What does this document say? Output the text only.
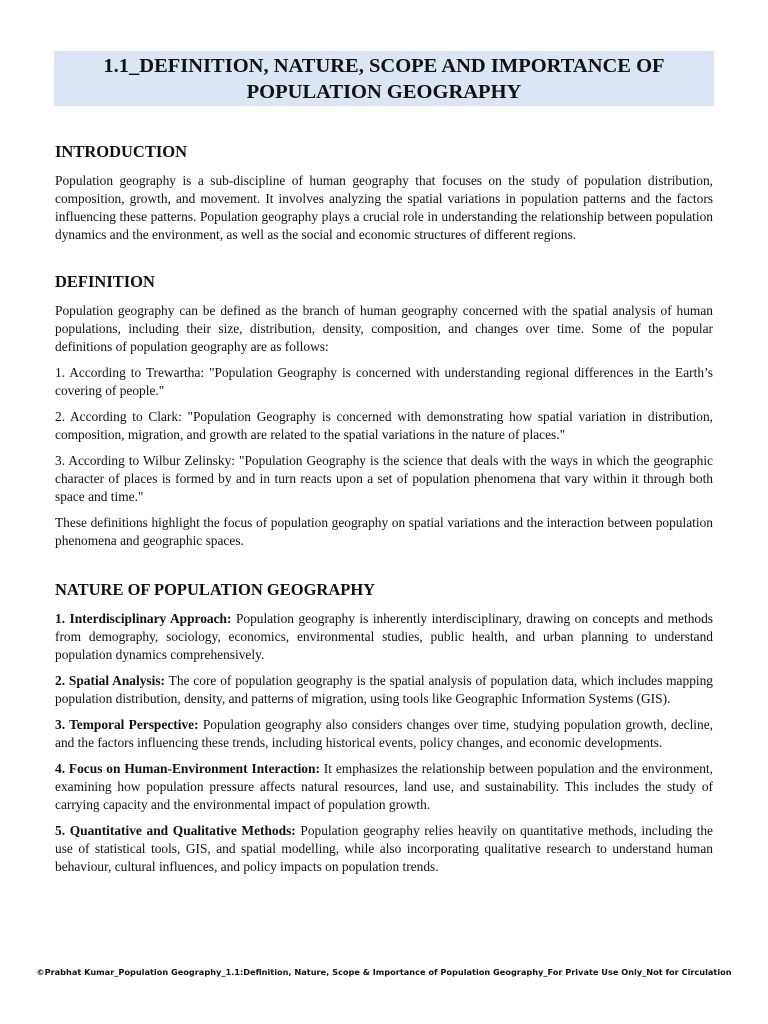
1.1_DEFINITION, NATURE, SCOPE AND IMPORTANCE OF
POPULATION GEOGRAPHY
INTRODUCTION

Population geography is a sub-discipline of human geography that focuses on the study of population distribution, composition, growth, and movement. It involves analyzing the spatial variations in population patterns and the factors influencing these patterns. Population geography plays a crucial role in understanding the relationship between population dynamics and the environment, as well as the social and economic structures of different regions.

DEFINITION

Population geography can be defined as the branch of human geography concerned with the spatial analysis of human populations, including their size, distribution, density, composition, and changes over time. Some of the popular definitions of population geography are as follows:

1. According to Trewartha: "Population Geography is concerned with understanding regional differences in the Earth’s covering of people."

2. According to Clark: "Population Geography is concerned with demonstrating how spatial variation in distribution, composition, migration, and growth are related to the spatial variations in the nature of places."

3. According to Wilbur Zelinsky: "Population Geography is the science that deals with the ways in which the geographic character of places is formed by and in turn reacts upon a set of population phenomena that vary within it through both space and time."

These definitions highlight the focus of population geography on spatial variations and the interaction between population phenomena and geographic spaces.

NATURE OF POPULATION GEOGRAPHY

1. Interdisciplinary Approach: Population geography is inherently interdisciplinary, drawing on concepts and methods from demography, sociology, economics, environmental studies, public health, and urban planning to understand population dynamics comprehensively.

2. Spatial Analysis: The core of population geography is the spatial analysis of population data, which includes mapping population distribution, density, and patterns of migration, using tools like Geographic Information Systems (GIS).

3. Temporal Perspective: Population geography also considers changes over time, studying population growth, decline, and the factors influencing these trends, including historical events, policy changes, and economic developments.

4. Focus on Human-Environment Interaction: It emphasizes the relationship between population and the environment, examining how population pressure affects natural resources, land use, and sustainability. This includes the study of carrying capacity and the environmental impact of population growth.

5. Quantitative and Qualitative Methods: Population geography relies heavily on quantitative methods, including the use of statistical tools, GIS, and spatial modelling, while also incorporating qualitative research to understand human behaviour, cultural influences, and policy impacts on population trends.

©Prabhat Kumar_Population Geography_1.1:Definition, Nature, Scope & Importance of Population Geography_For Private Use Only_Not for Circulation
